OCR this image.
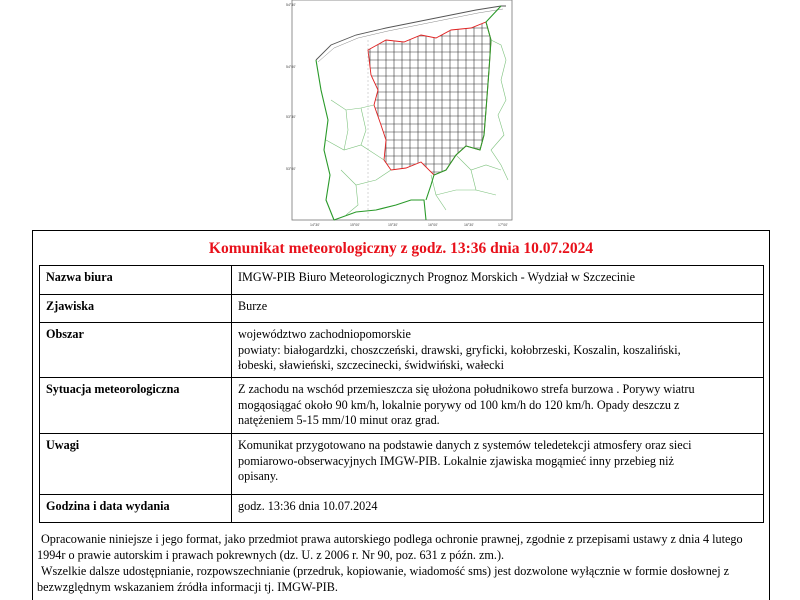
54°30'
54°00'
53°30'
53°00'
14°30'	15°00'	15°30'	16°00'	16°30'	17°00'
Komunikat meteorologiczny z godz. 13:36 dnia 10.07.2024
Nazwa biura	IMGW-PIB Biuro Meteorologicznych Prognoz Morskich - Wydział w Szczecinie

Zjawiska	Burze

Obszar	województwo zachodniopomorskie
powiaty: białogardzki, choszczeński, drawski, gryficki, kołobrzeski, Koszalin, koszaliński,
łobeski, sławieński, szczecinecki, świdwiński, wałecki

Sytuacja meteorologiczna	Z zachodu na wschód przemieszcza się ułożona południkowo strefa burzowa . Porywy wiatru
mogąosiągać około 90 km/h, lokalnie porywy od 100 km/h do 120 km/h. Opady deszczu z
natężeniem 5-15 mm/10 minut oraz grad.

Uwagi	Komunikat przygotowano na podstawie danych z systemów teledetekcji atmosfery oraz sieci
pomiarowo-obserwacyjnych IMGW-PIB. Lokalnie zjawiska mogąmieć inny przebieg niż
opisany.

Godzina i data wydania	godz. 13:36 dnia 10.07.2024

Opracowanie niniejsze i jego format, jako przedmiot prawa autorskiego podlega ochronie prawnej, zgodnie z przepisami ustawy z dnia 4 lutego 1994r o prawie autorskim i prawach pokrewnych (dz. U. z 2006 r. Nr 90, poz. 631 z późn. zm.).

Wszelkie dalsze udostępnianie, rozpowszechnianie (przedruk, kopiowanie, wiadomość sms) jest dozwolone wyłącznie w formie dosłownej z bezwzględnym wskazaniem źródła informacji tj. IMGW-PIB.
